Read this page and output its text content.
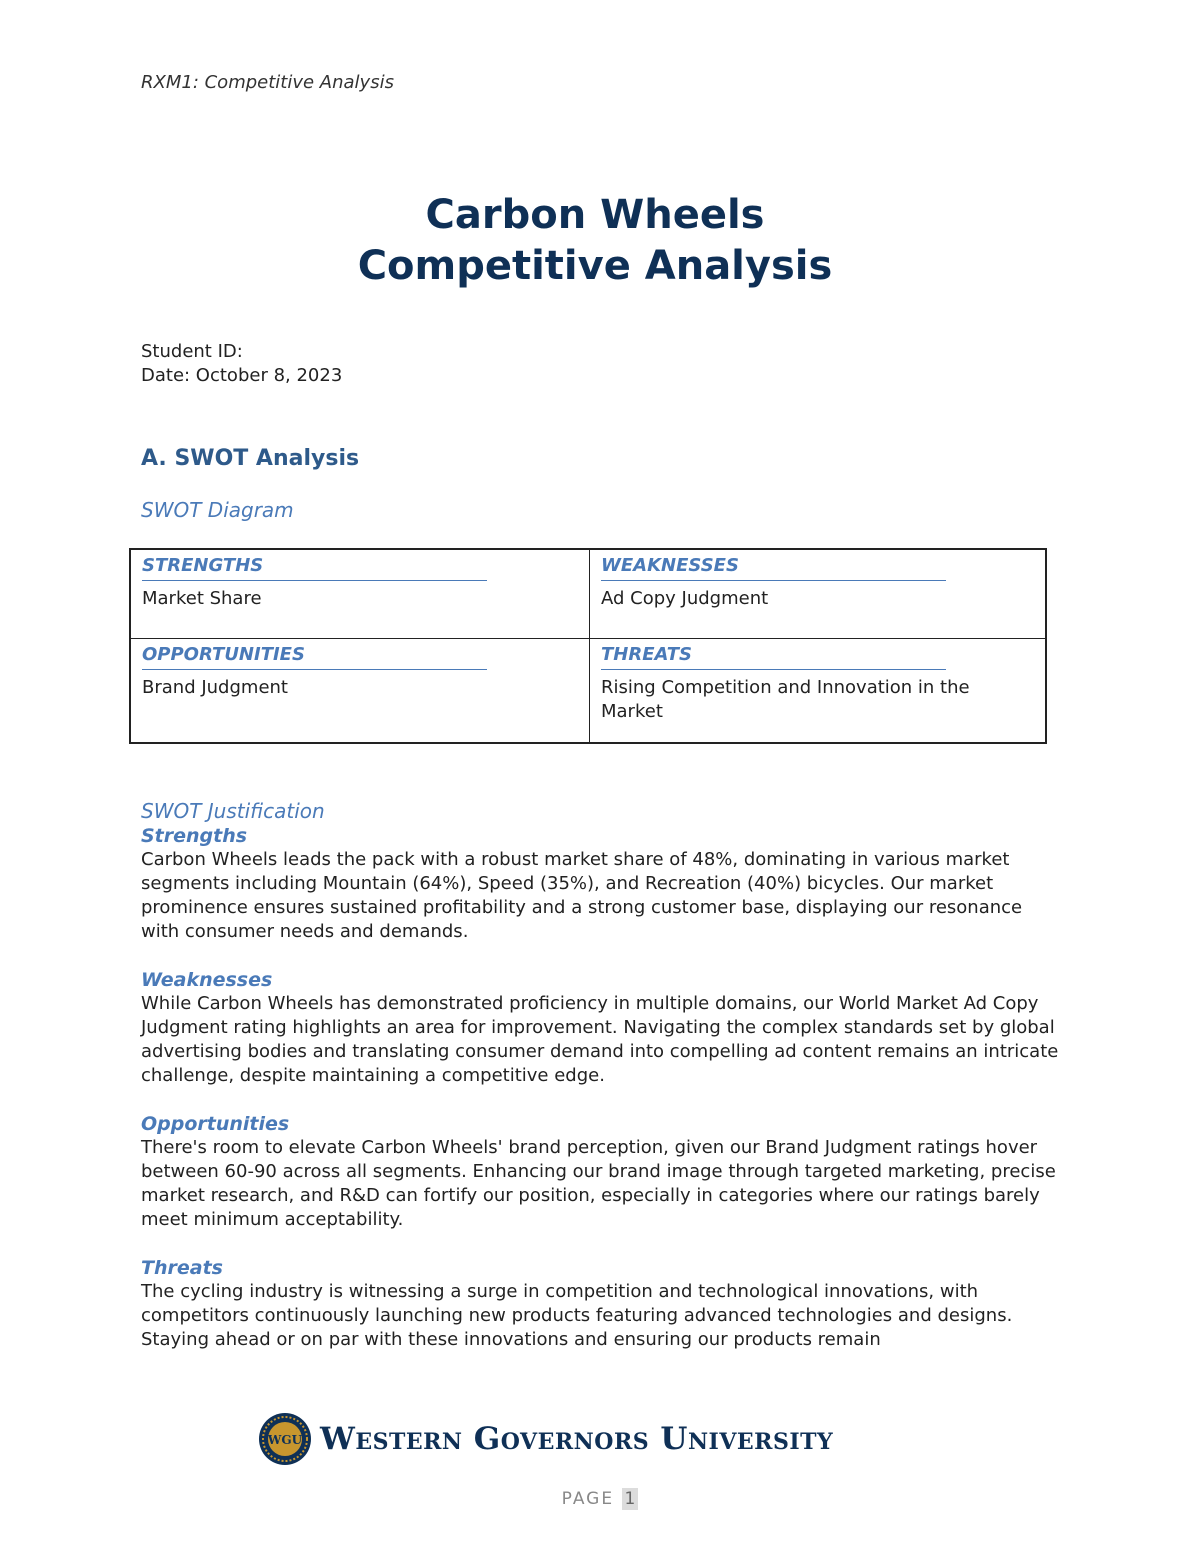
RXM1: Competitive Analysis
Carbon Wheels
Competitive Analysis
Student ID:
Date: October 8, 2023
A. SWOT Analysis
SWOT Diagram
STRENGTHS
Market Share
WEAKNESSES
Ad Copy Judgment
OPPORTUNITIES
Brand Judgment
THREATS
Rising Competition and Innovation in the Market
SWOT Justification
Strengths

Carbon Wheels leads the pack with a robust market share of 48%, dominating in various market segments including Mountain (64%), Speed (35%), and Recreation (40%) bicycles. Our market prominence ensures sustained profitability and a strong customer base, displaying our resonance with consumer needs and demands.

Weaknesses

While Carbon Wheels has demonstrated proficiency in multiple domains, our World Market Ad Copy Judgment rating highlights an area for improvement. Navigating the complex standards set by global advertising bodies and translating consumer demand into compelling ad content remains an intricate challenge, despite maintaining a competitive edge.

Opportunities

There's room to elevate Carbon Wheels' brand perception, given our Brand Judgment ratings hover between 60-90 across all segments. Enhancing our brand image through targeted marketing, precise market research, and R&D can fortify our position, especially in categories where our ratings barely meet minimum acceptability.

Threats

The cycling industry is witnessing a surge in competition and technological innovations, with competitors continuously launching new products featuring advanced technologies and designs. Staying ahead or on par with these innovations and ensuring our products remain

WGU Western Governors University
PAGE 1
